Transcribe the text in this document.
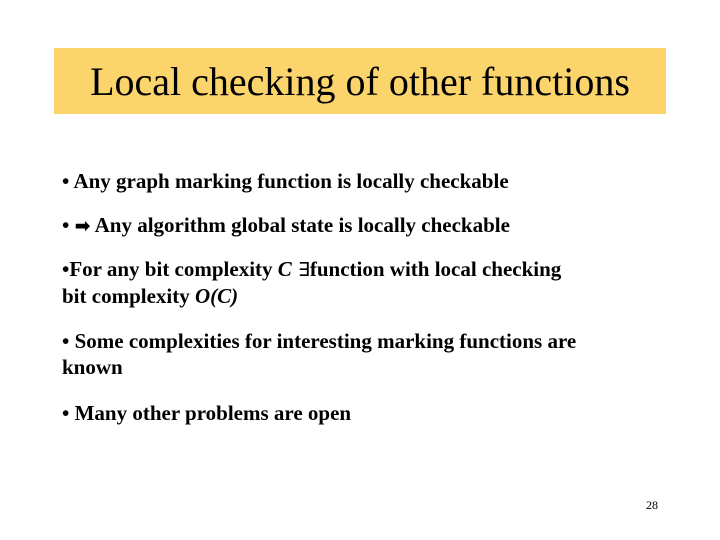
Local checking of other functions
• Any graph marking function is locally checkable
• ➡ Any algorithm global state is locally checkable
•For any bit complexity C ∃function with local checking
bit complexity O(C)
• Some complexities for interesting marking functions are
known
• Many other problems are open
28
